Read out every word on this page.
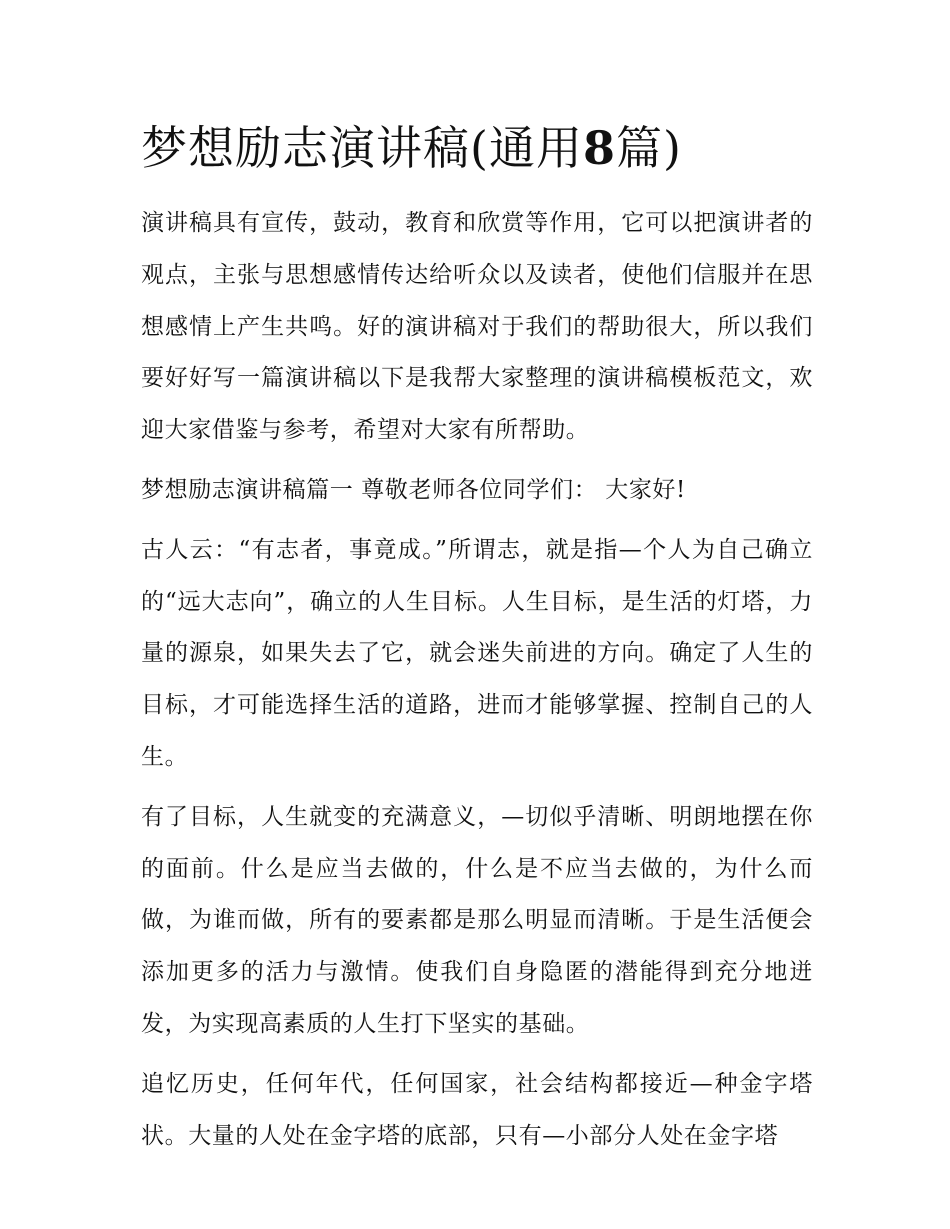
梦想励志演讲稿(通用8篇)

演讲稿具有宣传，鼓动，教育和欣赏等作用，它可以把演讲者的观点，主张与思想感情传达给听众以及读者，使他们信服并在思想感情上产生共鸣。好的演讲稿对于我们的帮助很大，所以我们要好好写一篇演讲稿以下是我帮大家整理的演讲稿模板范文，欢迎大家借鉴与参考，希望对大家有所帮助。

梦想励志演讲稿篇一 尊敬老师各位同学们： 大家好!

古人云：“有志者，事竟成。”所谓志，就是指—个人为自己确立的“远大志向”，确立的人生目标。人生目标，是生活的灯塔，力量的源泉，如果失去了它，就会迷失前进的方向。确定了人生的目标，才可能选择生活的道路，进而才能够掌握、控制自己的人生。

有了目标，人生就变的充满意义，—切似乎清晰、明朗地摆在你的面前。什么是应当去做的，什么是不应当去做的，为什么而做，为谁而做，所有的要素都是那么明显而清晰。于是生活便会添加更多的活力与激情。使我们自身隐匿的潜能得到充分地迸发，为实现高素质的人生打下坚实的基础。

追忆历史，任何年代，任何国家，社会结构都接近—种金字塔状。大量的人处在金字塔的底部，只有—小部分人处在金字塔
